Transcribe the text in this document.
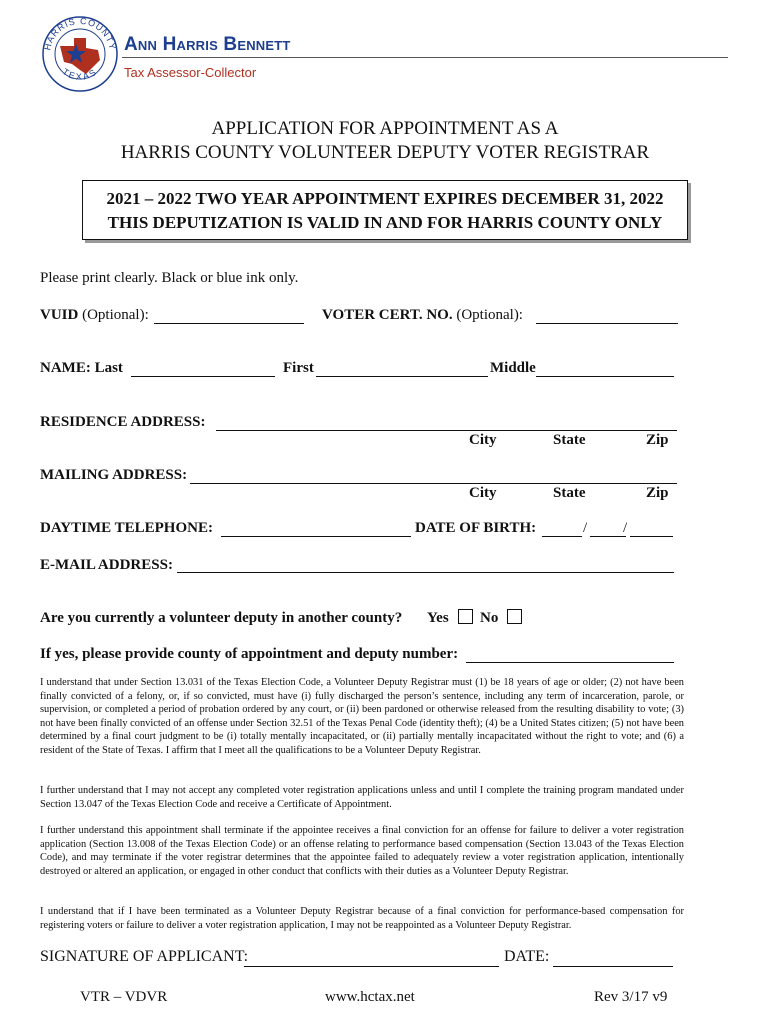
HARRIS COUNTY
TEXAS
Ann Harris Bennett
Tax Assessor-Collector
APPLICATION FOR APPOINTMENT AS A
HARRIS COUNTY VOLUNTEER DEPUTY VOTER REGISTRAR
2021 – 2022 TWO YEAR APPOINTMENT EXPIRES DECEMBER 31, 2022
THIS DEPUTIZATION IS VALID IN AND FOR HARRIS COUNTY ONLY
Please print clearly. Black or blue ink only.
VUID (Optional):	VOTER CERT. NO. (Optional):
NAME: Last	First	Middle
RESIDENCE ADDRESS:
City	State	Zip
MAILING ADDRESS:
City	State	Zip
DAYTIME TELEPHONE:	DATE OF BIRTH:	/ /
E-MAIL ADDRESS:
Are you currently a volunteer deputy in another county? Yes No
If yes, please provide county of appointment and deputy number:
I understand that under Section 13.031 of the Texas Election Code, a Volunteer Deputy Registrar must (1) be 18 years of age or older; (2) not have been finally convicted of a felony, or, if so convicted, must have (i) fully discharged the person’s sentence, including any term of incarceration, parole, or supervision, or completed a period of probation ordered by any court, or (ii) been pardoned or otherwise released from the resulting disability to vote; (3) not have been finally convicted of an offense under Section 32.51 of the Texas Penal Code (identity theft); (4) be a United States citizen; (5) not have been determined by a final court judgment to be (i) totally mentally incapacitated, or (ii) partially mentally incapacitated without the right to vote; and (6) a resident of the State of Texas. I affirm that I meet all the qualifications to be a Volunteer Deputy Registrar.
I further understand that I may not accept any completed voter registration applications unless and until I complete the training program mandated under Section 13.047 of the Texas Election Code and receive a Certificate of Appointment.
I further understand this appointment shall terminate if the appointee receives a final conviction for an offense for failure to deliver a voter registration application (Section 13.008 of the Texas Election Code) or an offense relating to performance based compensation (Section 13.043 of the Texas Election Code), and may terminate if the voter registrar determines that the appointee failed to adequately review a voter registration application, intentionally destroyed or altered an application, or engaged in other conduct that conflicts with their duties as a Volunteer Deputy Registrar.
I understand that if I have been terminated as a Volunteer Deputy Registrar because of a final conviction for performance-based compensation for registering voters or failure to deliver a voter registration application, I may not be reappointed as a Volunteer Deputy Registrar.
SIGNATURE OF APPLICANT:	DATE:
VTR – VDVR	www.hctax.net	Rev 3/17 v9
